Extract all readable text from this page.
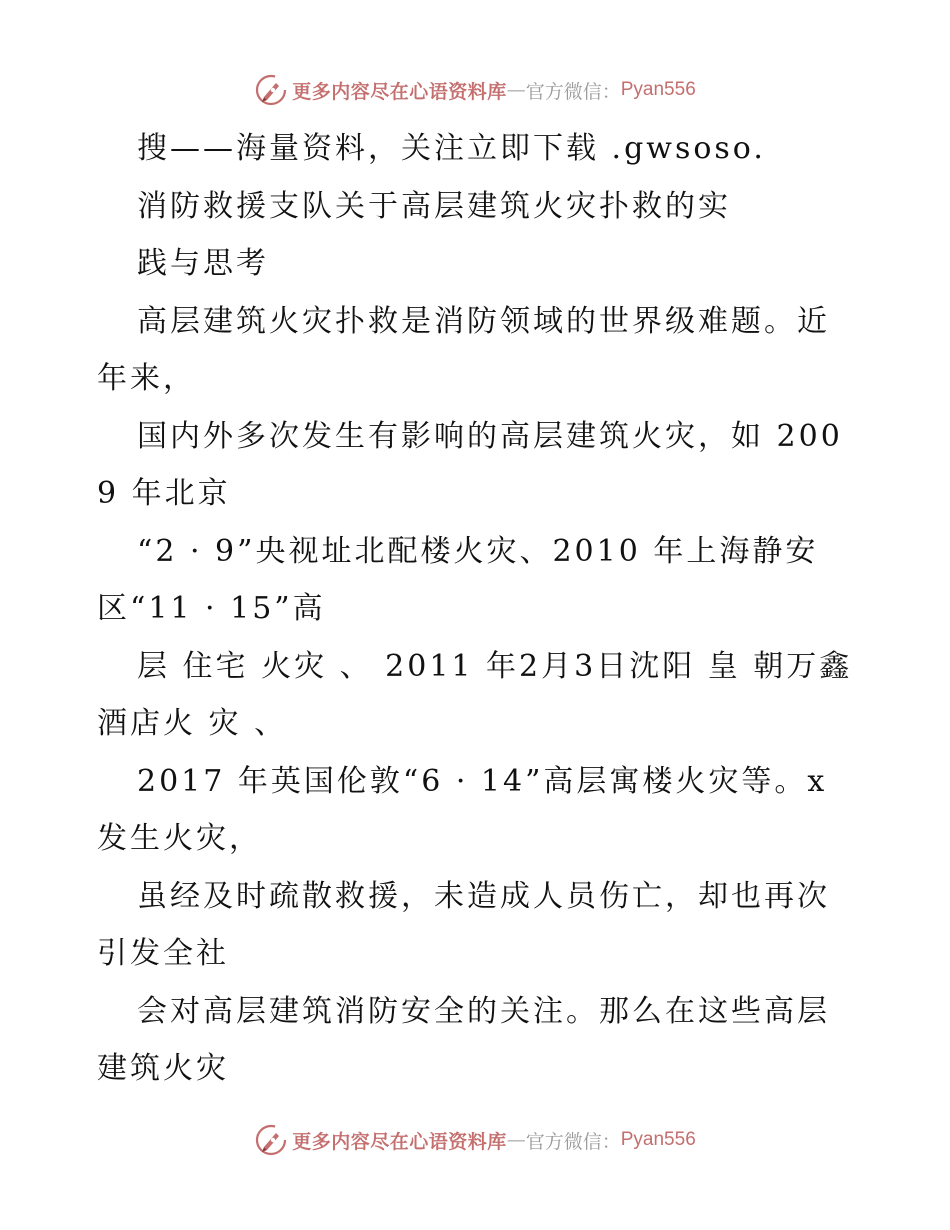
更多内容尽在心语资料库 — 官方微信： Pyan556

搜——海量资料，关注立即下载 .gwsoso.

消防救援支队关于高层建筑火灾扑救的实

践与思考

高层建筑火灾扑救是消防领域的世界级难题。近年来，

国内外多次发生有影响的高层建筑火灾，如 2009 年北京

“2 · 9”央视址北配楼火灾、2010 年上海静安区“11 · 15”高

层 住宅 火灾 、 2011 年2月3日沈阳 皇 朝万鑫 酒店火 灾 、

2017 年英国伦敦“6 · 14”高层寓楼火灾等。x发生火灾，

虽经及时疏散救援，未造成人员伤亡，却也再次引发全社

会对高层建筑消防安全的关注。那么在这些高层建筑火灾

更多内容尽在心语资料库 — 官方微信： Pyan556
